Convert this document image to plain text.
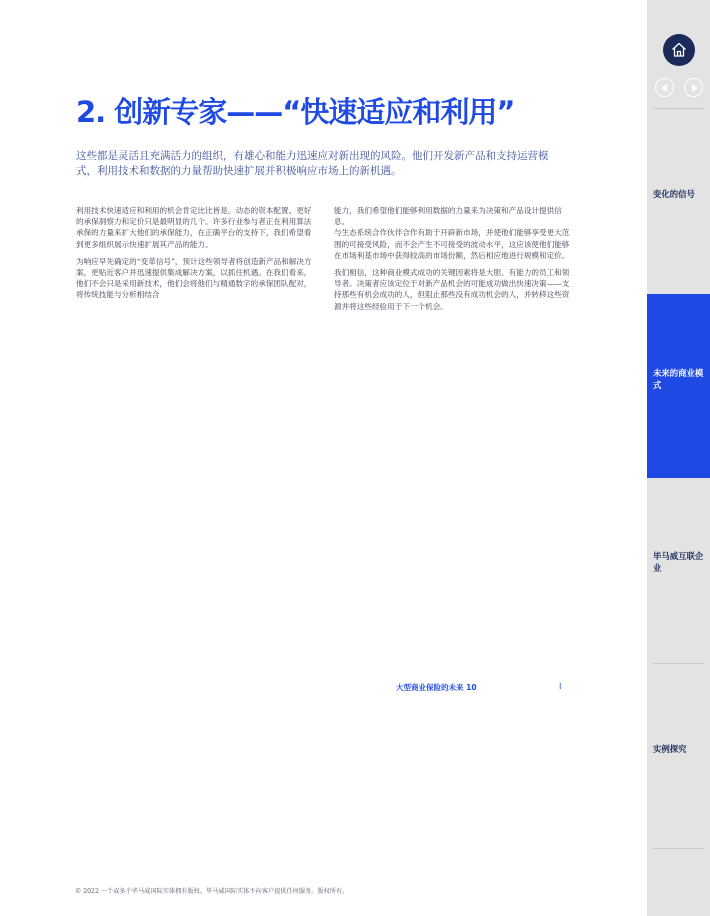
2. 创新专家——“快速适应和利用”

这些都是灵活且充满活力的组织，有雄心和能力迅速应对新出现的风险。他们开发新产品和支持运营模式，利用技术和数据的力量帮助快速扩展并积极响应市场上的新机遇。

利用技术快速适应和利用的机会肯定比比皆是。动态的资本配置、更好的承保洞察力和定价只是最明显的几个。许多行业参与者正在利用算法承保的力量来扩大他们的承保能力，在正确平台的支持下，我们希望看到更多组织展示快速扩展其产品的能力。

为响应早先确定的“变革信号”，预计这些领导者将创造新产品和解决方案，更贴近客户并迅速提供集成解决方案，以抓住机遇。在我们看来，他们不会只是采用新技术，他们会将他们与精通数字的承保团队配对，将传统技能与分析相结合

能力，我们希望他们能够利用数据的力量来为决策和产品设计提供信息。

与生态系统合作伙伴合作有助于开辟新市场，并使他们能够享受更大范围的可接受风险，而不会产生不可接受的波动水平，这应该使他们能够在市场利基市场中获得较高的市场份额，然后相应地进行规模和定价。

我们相信，这种商业模式成功的关键因素将是大胆、有能力的员工和领导者。决策者应该定位于对新产品机会的可能成功做出快速决策——支持那些有机会成功的人，但阻止那些没有成功机会的人，并转移这些资源并将这些经验用于下一个机会。

大型商业保险的未来 10	I
© 2022 一个或多个毕马威国际实体拥有版权。毕马威国际实体不向客户提供任何服务。版权所有。
变化的信号
未来的商业模式
毕马威互联企业
实例探究
